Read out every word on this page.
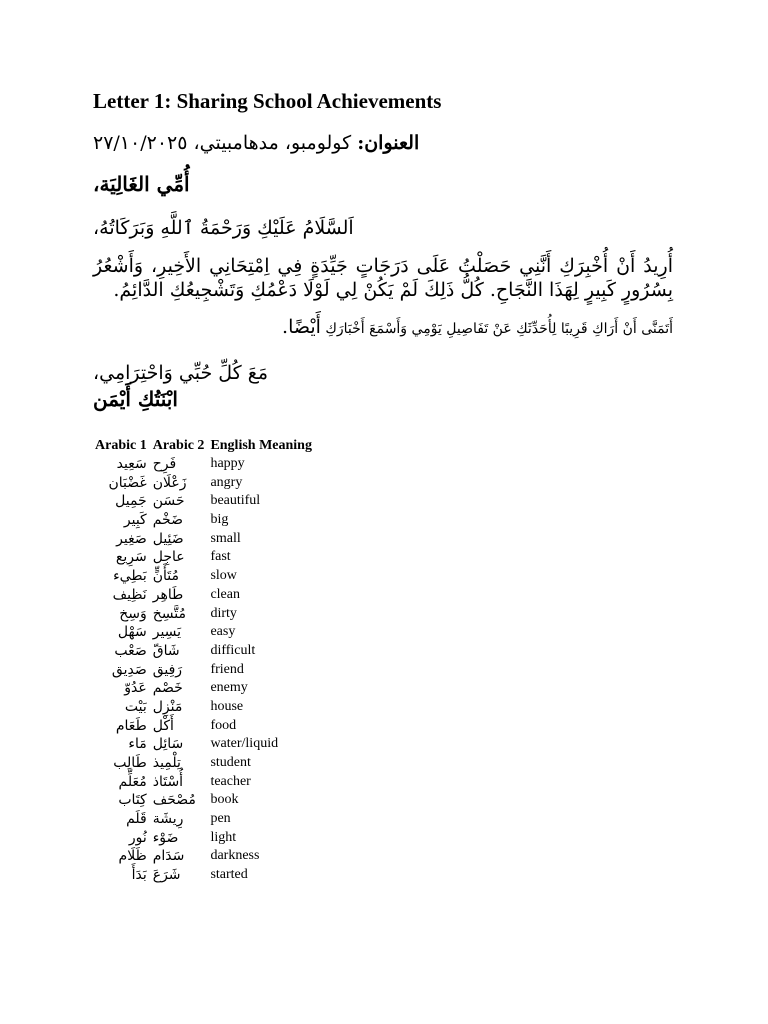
Letter 1: Sharing School Achievements
العنوان: كولومبو، مدهامبيتي، ٢٧/١٠/٢٠٢٥
أُمِّي الغَالِيَة،
اَلسَّلَامُ عَلَيْكِ وَرَحْمَةُ ٱللَّهِ وَبَرَكَاتُهُ،
أُرِيدُ أَنْ أُخْبِرَكِ أَنَّنِي حَصَلْتُ عَلَى دَرَجَاتٍ جَيِّدَةٍ فِي اِمْتِحَانِي الأَخِيرِ، وَأَشْعُرُ بِسُرُورٍ كَبِيرٍ لِهَذَا النَّجَاحِ. كُلُّ ذَلِكَ لَمْ يَكُنْ لِي لَوْلَا دَعْمُكِ وَتَشْجِيعُكِ الدَّائِمُ.
أَتَمَنَّى أَنْ أَرَاكِ قَرِيبًا لِأُحَدِّثَكِ عَنْ تَفَاصِيلِ يَوْمِي وَأَسْمَعَ أَخْبَارَكِ أَيْضًا.
مَعَ كُلِّ حُبِّي وَاحْتِرَامِي،
ابْنَتُكِ أَيْمَن
Arabic 1	Arabic 2	English Meaning
سَعِيد	فَرِح	happy
غَضْبَان	زَعْلَان	angry
جَمِيل	حَسَن	beautiful
كَبِير	ضَخْم	big
صَغِير	ضَئِيل	small
سَرِيع	عاجِل	fast
بَطِيء	مُتَأَنٍّ	slow
نَظِيف	طَاهِر	clean
وَسِخ	مُتَّسِخ	dirty
سَهْل	يَسِير	easy
صَعْب	شَاقّ	difficult
صَدِيق	رَفِيق	friend
عَدُوّ	خَصْم	enemy
بَيْت	مَنْزِل	house
طَعَام	أَكْل	food
مَاء	سَائِل	water/liquid
طَالِب	تِلْمِيذ	student
مُعَلِّم	أُسْتَاذ	teacher
كِتَاب	مُصْحَف	book
قَلَم	رِيشَة	pen
نُور	ضَوْء	light
ظَلَام	سَدَام	darkness
بَدَأَ	شَرَعَ	started
